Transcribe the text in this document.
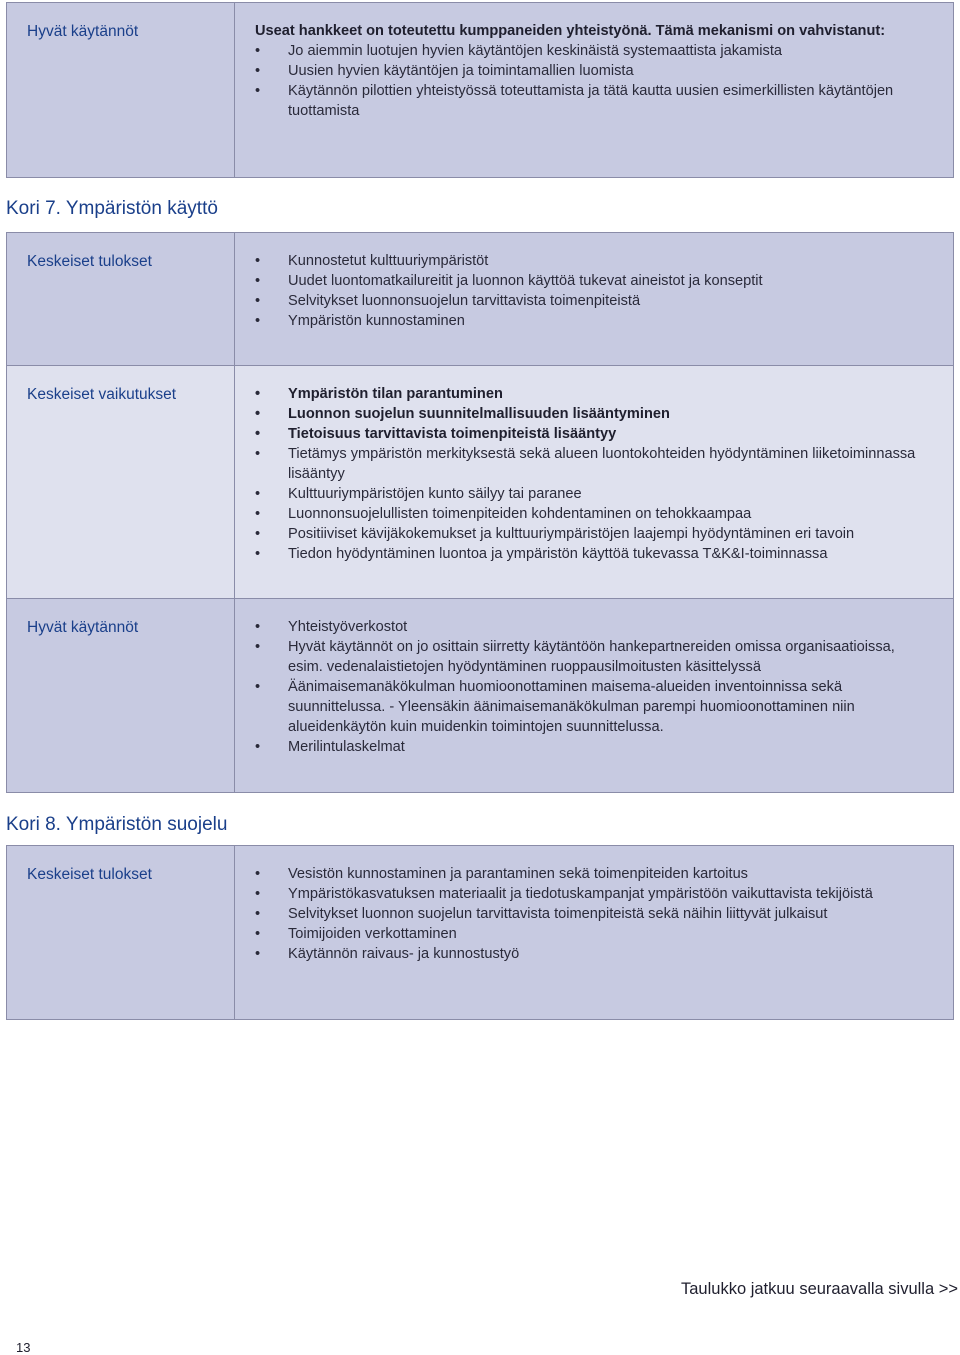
Hyvät käytännöt	Useat hankkeet on toteutettu kumppaneiden yhteistyönä. Tämä mekanismi on vahvistanut:
• Jo aiemmin luotujen hyvien käytäntöjen keskinäistä systemaattista jakamista
• Uusien hyvien käytäntöjen ja toimintamallien luomista
• Käytännön pilottien yhteistyössä toteuttamista ja tätä kautta uusien esimerkillisten käytäntöjen tuottamista
Kori 7. Ympäristön käyttö
Keskeiset tulokset	• Kunnostetut kulttuuriympäristöt
• Uudet luontomatkailureitit ja luonnon käyttöä tukevat aineistot ja konseptit
• Selvitykset luonnonsuojelun tarvittavista toimenpiteistä
• Ympäristön kunnostaminen
Keskeiset vaikutukset	• Ympäristön tilan parantuminen
• Luonnon suojelun suunnitelmallisuuden lisääntyminen
• Tietoisuus tarvittavista toimenpiteistä lisääntyy
• Tietämys ympäristön merkityksestä sekä alueen luontokohteiden hyödyntäminen liiketoiminnassa lisääntyy
• Kulttuuriympäristöjen kunto säilyy tai paranee
• Luonnonsuojelullisten toimenpiteiden kohdentaminen on tehokkaampaa
• Positiiviset kävijäkokemukset ja kulttuuriympäristöjen laajempi hyödyntäminen eri tavoin
• Tiedon hyödyntäminen luontoa ja ympäristön käyttöä tukevassa T&K&I-toiminnassa
Hyvät käytännöt	• Yhteistyöverkostot
• Hyvät käytännöt on jo osittain siirretty käytäntöön hankepartnereiden omissa organisaatioissa, esim. vedenalaistietojen hyödyntäminen ruoppausilmoitusten käsittelyssä
• Äänimaisemanäkökulman huomioonottaminen maisema-alueiden inventoinnissa sekä suunnittelussa. - Yleensäkin äänimaisemanäkökulman parempi huomioonottaminen niin alueidenkäytön kuin muidenkin toimintojen suunnittelussa.
• Merilintulaskelmat
Kori 8. Ympäristön suojelu
Keskeiset tulokset	• Vesistön kunnostaminen ja parantaminen sekä toimenpiteiden kartoitus
• Ympäristökasvatuksen materiaalit ja tiedotuskampanjat ympäristöön vaikuttavista tekijöistä
• Selvitykset luonnon suojelun tarvittavista toimenpiteistä sekä näihin liittyvät julkaisut
• Toimijoiden verkottaminen
• Käytännön raivaus- ja kunnostustyö
Taulukko jatkuu seuraavalla sivulla >>
13
